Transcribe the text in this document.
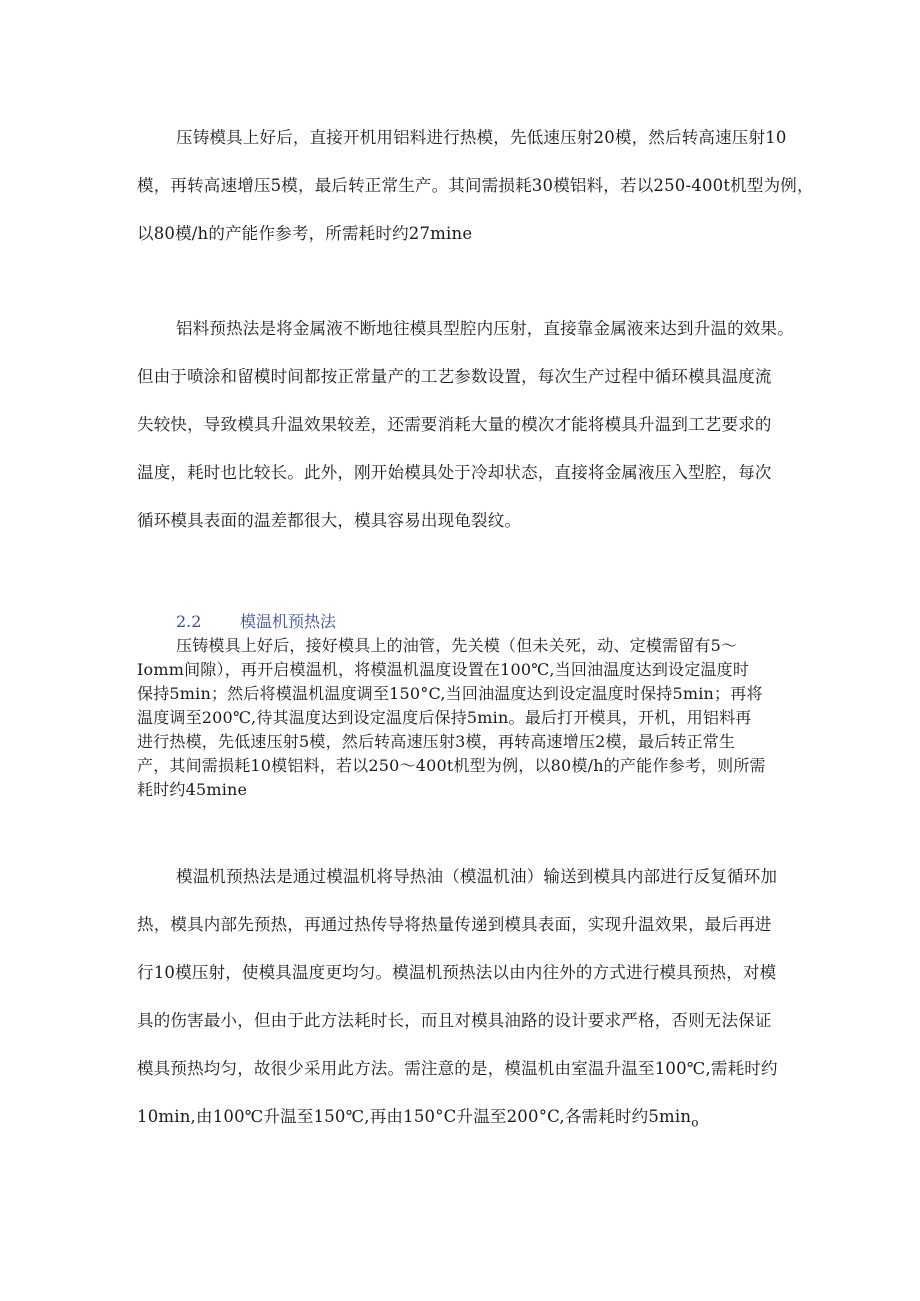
压铸模具上好后，直接开机用铝料进行热模，先低速压射20模，然后转高速压射10
模，再转高速增压5模，最后转正常生产。其间需损耗30模铝料，若以250-400t机型为例，
以80模/h的产能作参考，所需耗时约27mine
铝料预热法是将金属液不断地往模具型腔内压射，直接靠金属液来达到升温的效果。
但由于喷涂和留模时间都按正常量产的工艺参数设置，每次生产过程中循环模具温度流
失较快，导致模具升温效果较差，还需要消耗大量的模次才能将模具升温到工艺要求的
温度，耗时也比较长。此外，刚开始模具处于冷却状态，直接将金属液压入型腔，每次
循环模具表面的温差都很大，模具容易出现龟裂纹。
2.2 模温机预热法
压铸模具上好后，接好模具上的油管，先关模（但未关死，动、定模需留有5～
Iomm间隙），再开启模温机，将模温机温度设置在100℃,当回油温度达到设定温度时
保持5min；然后将模温机温度调至150°C,当回油温度达到设定温度时保持5min；再将
温度调至200℃,待其温度达到设定温度后保持5min。最后打开模具，开机，用铝料再
进行热模，先低速压射5模，然后转高速压射3模，再转高速增压2模，最后转正常生
产，其间需损耗10模铝料，若以250～400t机型为例，以80模/h的产能作参考，则所需
耗时约45mine
模温机预热法是通过模温机将导热油（模温机油）输送到模具内部进行反复循环加
热，模具内部先预热，再通过热传导将热量传递到模具表面，实现升温效果，最后再进
行10模压射，使模具温度更均匀。模温机预热法以由内往外的方式进行模具预热，对模
具的伤害最小，但由于此方法耗时长，而且对模具油路的设计要求严格，否则无法保证
模具预热均匀，故很少采用此方法。需注意的是，模温机由室温升温至100℃,需耗时约
10min,由100℃升温至150℃,再由150°C升温至200°C,各需耗时约$5\min_o$
